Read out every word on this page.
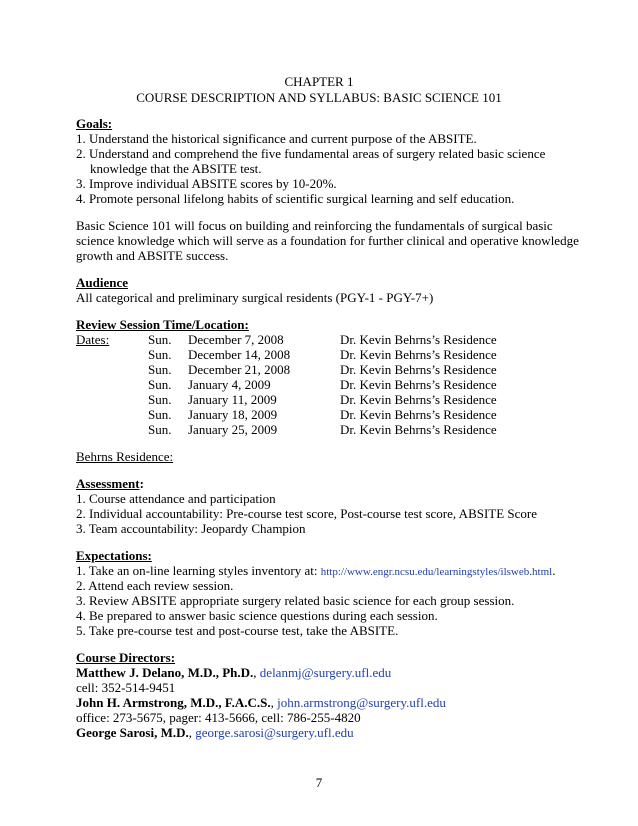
CHAPTER 1
COURSE DESCRIPTION AND SYLLABUS: BASIC SCIENCE 101
Goals:
1. Understand the historical significance and current purpose of the ABSITE.
2. Understand and comprehend the five fundamental areas of surgery related basic science
knowledge that the ABSITE test.
3. Improve individual ABSITE scores by 10-20%.
4. Promote personal lifelong habits of scientific surgical learning and self education.
Basic Science 101 will focus on building and reinforcing the fundamentals of surgical basic
science knowledge which will serve as a foundation for further clinical and operative knowledge
growth and ABSITE success.
Audience
All categorical and preliminary surgical residents (PGY-1 - PGY-7+)
Review Session Time/Location:
Dates:	Sun. December 7, 2008	Dr. Kevin Behrns’s Residence
Sun. December 14, 2008	Dr. Kevin Behrns’s Residence
Sun. December 21, 2008	Dr. Kevin Behrns’s Residence
Sun. January 4, 2009	Dr. Kevin Behrns’s Residence
Sun. January 11, 2009	Dr. Kevin Behrns’s Residence
Sun. January 18, 2009	Dr. Kevin Behrns’s Residence
Sun. January 25, 2009	Dr. Kevin Behrns’s Residence
Behrns Residence:
Assessment:
1. Course attendance and participation
2. Individual accountability: Pre-course test score, Post-course test score, ABSITE Score
3. Team accountability: Jeopardy Champion
Expectations:
1. Take an on-line learning styles inventory at: http://www.engr.ncsu.edu/learningstyles/ilsweb.html.
2. Attend each review session.
3. Review ABSITE appropriate surgery related basic science for each group session.
4. Be prepared to answer basic science questions during each session.
5. Take pre-course test and post-course test, take the ABSITE.
Course Directors:
Matthew J. Delano, M.D., Ph.D., delanmj@surgery.ufl.edu
cell: 352-514-9451
John H. Armstrong, M.D., F.A.C.S., john.armstrong@surgery.ufl.edu
office: 273-5675, pager: 413-5666, cell: 786-255-4820
George Sarosi, M.D., george.sarosi@surgery.ufl.edu
7
